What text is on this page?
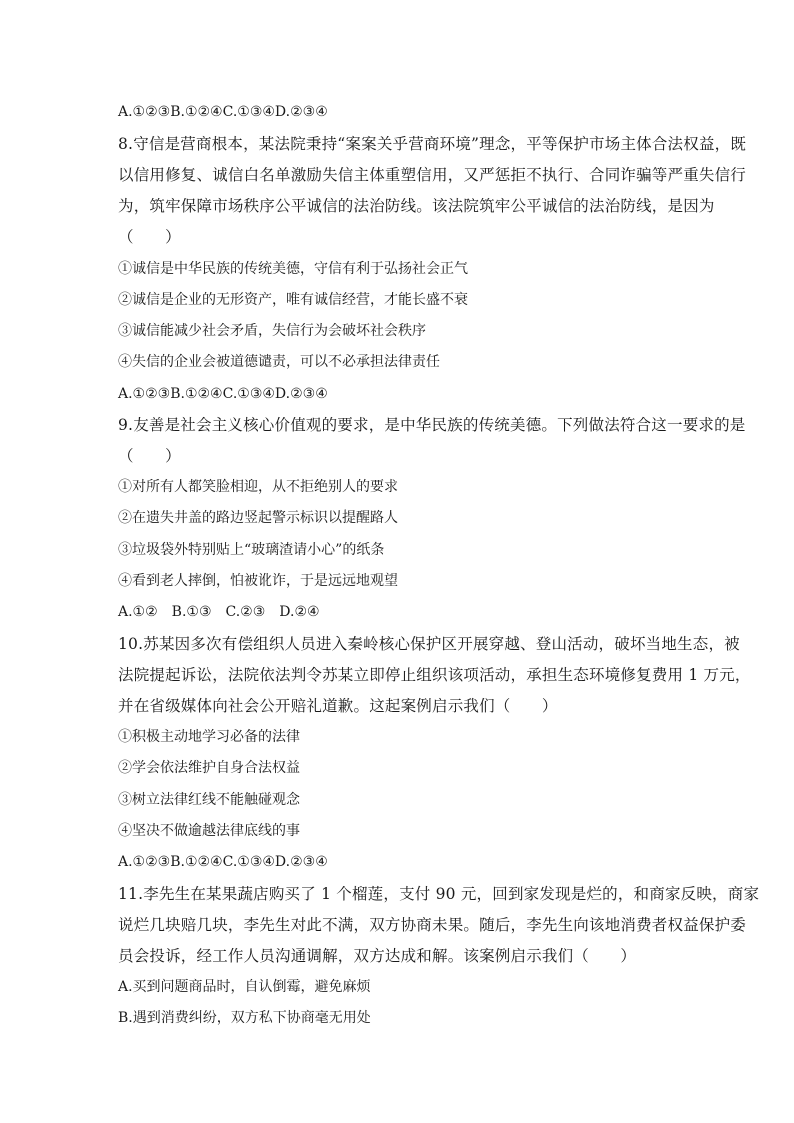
A.①②③B.①②④C.①③④D.②③④
8.守信是营商根本，某法院秉持“案案关乎营商环境”理念，平等保护市场主体合法权益，既
以信用修复、诚信白名单激励失信主体重塑信用，又严惩拒不执行、合同诈骗等严重失信行
为，筑牢保障市场秩序公平诚信的法治防线。该法院筑牢公平诚信的法治防线，是因为
（　　）
①诚信是中华民族的传统美德，守信有利于弘扬社会正气
②诚信是企业的无形资产，唯有诚信经营，才能长盛不衰
③诚信能减少社会矛盾，失信行为会破坏社会秩序
④失信的企业会被道德谴责，可以不必承担法律责任
A.①②③B.①②④C.①③④D.②③④
9.友善是社会主义核心价值观的要求，是中华民族的传统美德。下列做法符合这一要求的是
（　　）
①对所有人都笑脸相迎，从不拒绝别人的要求
②在遗失井盖的路边竖起警示标识以提醒路人
③垃圾袋外特别贴上“玻璃渣请小心”的纸条
④看到老人摔倒，怕被讹诈，于是远远地观望
A.①②　B.①③　C.②③　D.②④
10.苏某因多次有偿组织人员进入秦岭核心保护区开展穿越、登山活动，破坏当地生态，被
法院提起诉讼，法院依法判令苏某立即停止组织该项活动，承担生态环境修复费用 1 万元，
并在省级媒体向社会公开赔礼道歉。这起案例启示我们（　　）
①积极主动地学习必备的法律
②学会依法维护自身合法权益
③树立法律红线不能触碰观念
④坚决不做逾越法律底线的事
A.①②③B.①②④C.①③④D.②③④
11.李先生在某果蔬店购买了 1 个榴莲，支付 90 元，回到家发现是烂的，和商家反映，商家
说烂几块赔几块，李先生对此不满，双方协商未果。随后，李先生向该地消费者权益保护委
员会投诉，经工作人员沟通调解，双方达成和解。该案例启示我们（　　）
A.买到问题商品时，自认倒霉，避免麻烦
B.遇到消费纠纷，双方私下协商毫无用处
